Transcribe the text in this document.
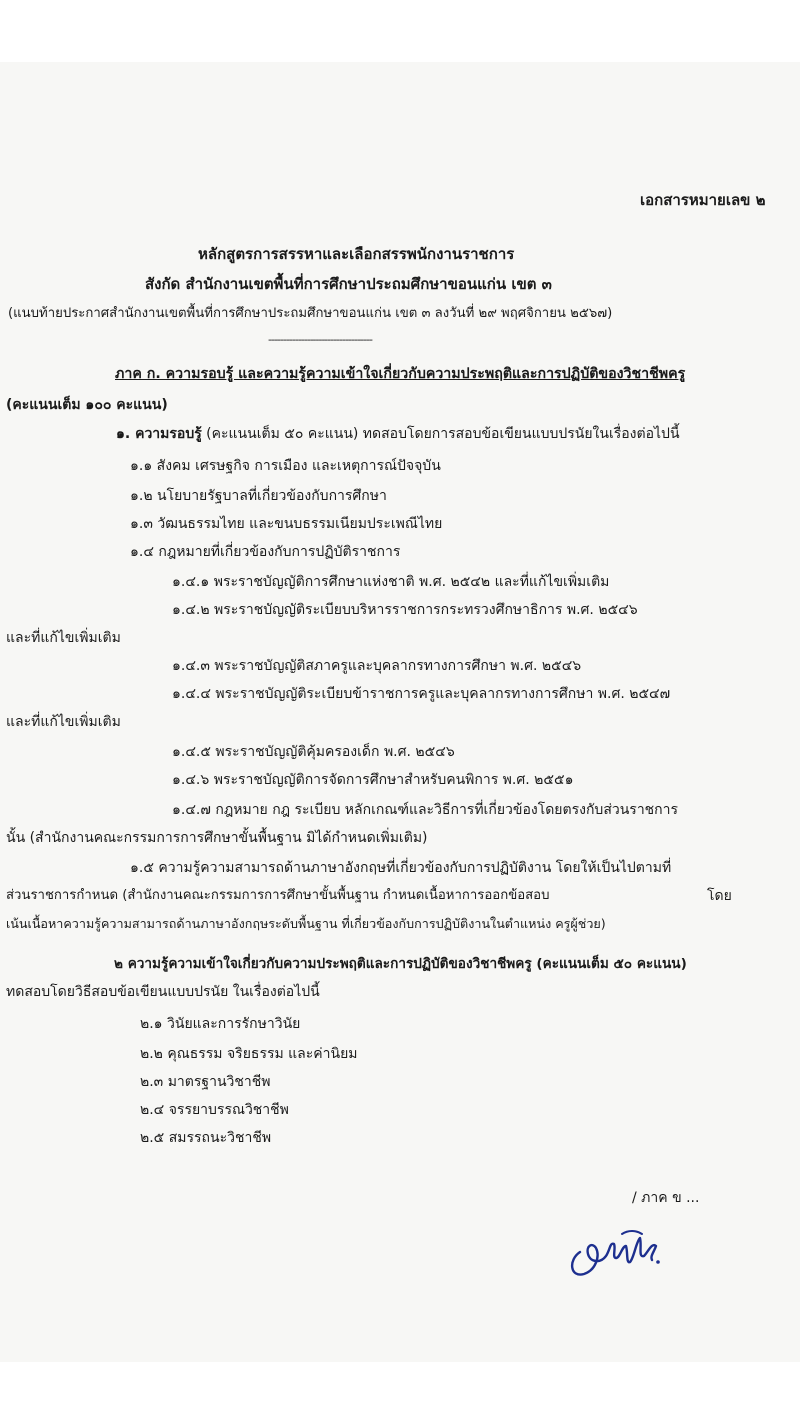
เอกสารหมายเลข ๒
หลักสูตรการสรรหาและเลือกสรรพนักงานราชการ
สังกัด สำนักงานเขตพื้นที่การศึกษาประถมศึกษาขอนแก่น เขต ๓
(แนบท้ายประกาศสำนักงานเขตพื้นที่การศึกษาประถมศึกษาขอนแก่น เขต ๓ ลงวันที่ ๒๙ พฤศจิกายน ๒๕๖๗)
-----------------------------------
ภาค ก. ความรอบรู้ และความรู้ความเข้าใจเกี่ยวกับความประพฤติและการปฏิบัติของวิชาชีพครู
(คะแนนเต็ม ๑๐๐ คะแนน)
๑. ความรอบรู้ (คะแนนเต็ม ๕๐ คะแนน) ทดสอบโดยการสอบข้อเขียนแบบปรนัยในเรื่องต่อไปนี้
๑.๑ สังคม เศรษฐกิจ การเมือง และเหตุการณ์ปัจจุบัน
๑.๒ นโยบายรัฐบาลที่เกี่ยวข้องกับการศึกษา
๑.๓ วัฒนธรรมไทย และขนบธรรมเนียมประเพณีไทย
๑.๔ กฎหมายที่เกี่ยวข้องกับการปฏิบัติราชการ
๑.๔.๑ พระราชบัญญัติการศึกษาแห่งชาติ พ.ศ. ๒๕๔๒ และที่แก้ไขเพิ่มเติม
๑.๔.๒ พระราชบัญญัติระเบียบบริหารราชการกระทรวงศึกษาธิการ พ.ศ. ๒๕๔๖
และที่แก้ไขเพิ่มเติม
๑.๔.๓ พระราชบัญญัติสภาครูและบุคลากรทางการศึกษา พ.ศ. ๒๕๔๖
๑.๔.๔ พระราชบัญญัติระเบียบข้าราชการครูและบุคลากรทางการศึกษา พ.ศ. ๒๕๔๗
และที่แก้ไขเพิ่มเติม
๑.๔.๕ พระราชบัญญัติคุ้มครองเด็ก พ.ศ. ๒๕๔๖
๑.๔.๖ พระราชบัญญัติการจัดการศึกษาสำหรับคนพิการ พ.ศ. ๒๕๕๑
๑.๔.๗ กฎหมาย กฎ ระเบียบ หลักเกณฑ์และวิธีการที่เกี่ยวข้องโดยตรงกับส่วนราชการ
นั้น (สำนักงานคณะกรรมการการศึกษาขั้นพื้นฐาน มิได้กำหนดเพิ่มเติม)
๑.๕ ความรู้ความสามารถด้านภาษาอังกฤษที่เกี่ยวข้องกับการปฏิบัติงาน โดยให้เป็นไปตามที่
ส่วนราชการกำหนด (สำนักงานคณะกรรมการการศึกษาขั้นพื้นฐาน กำหนดเนื้อหาการออกข้อสอบ	โดย
เน้นเนื้อหาความรู้ความสามารถด้านภาษาอังกฤษระดับพื้นฐาน ที่เกี่ยวข้องกับการปฏิบัติงานในตำแหน่ง ครูผู้ช่วย)
๒ ความรู้ความเข้าใจเกี่ยวกับความประพฤติและการปฏิบัติของวิชาชีพครู (คะแนนเต็ม ๕๐ คะแนน)
ทดสอบโดยวิธีสอบข้อเขียนแบบปรนัย ในเรื่องต่อไปนี้
๒.๑ วินัยและการรักษาวินัย
๒.๒ คุณธรรม จริยธรรม และค่านิยม
๒.๓ มาตรฐานวิชาชีพ
๒.๔ จรรยาบรรณวิชาชีพ
๒.๕ สมรรถนะวิชาชีพ
/ ภาค ข ...
